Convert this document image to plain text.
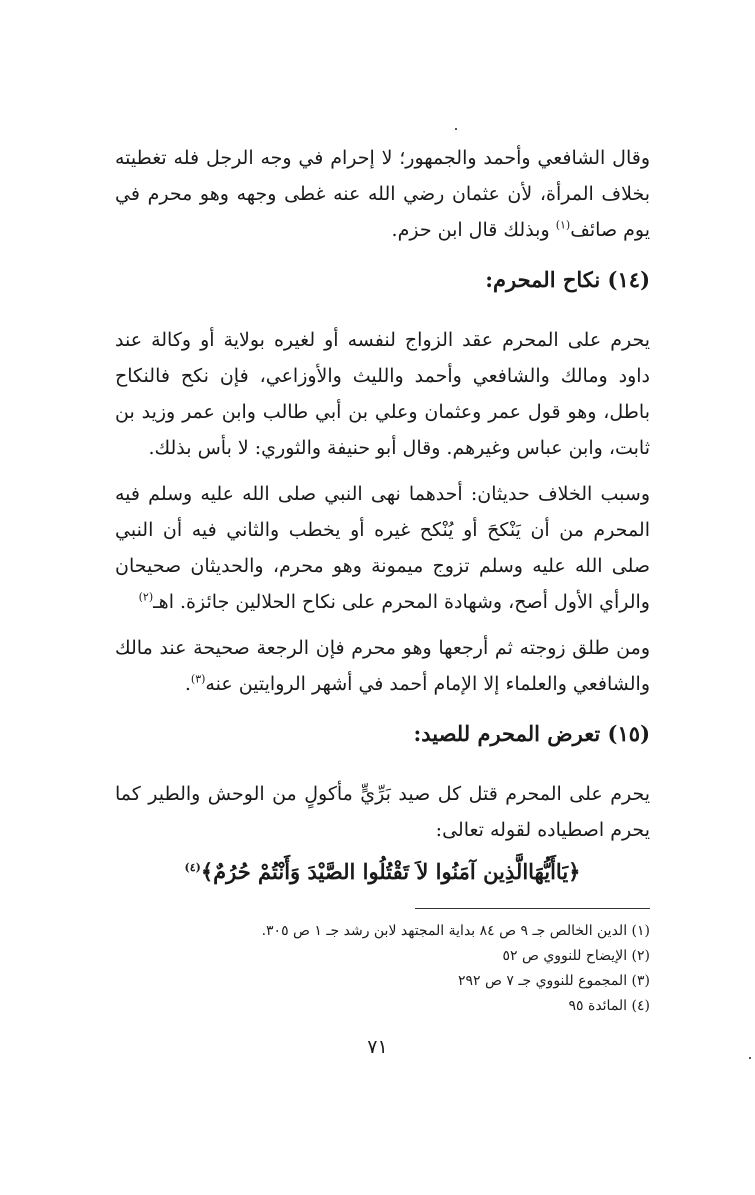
وقال الشافعي وأحمد والجمهور؛ لا إحرام في وجه الرجل فله تغطيته بخلاف المرأة، لأن عثمان رضي الله عنه غطى وجهه وهو محرم في يوم صائف$^{(١)}$ وبذلك قال ابن حزم.

(١٤) نكاح المحرم:

يحرم على المحرم عقد الزواج لنفسه أو لغيره بولاية أو وكالة عند داود ومالك والشافعي وأحمد والليث والأوزاعي، فإن نكح فالنكاح باطل، وهو قول عمر وعثمان وعلي بن أبي طالب وابن عمر وزيد بن ثابت، وابن عباس وغيرهم. وقال أبو حنيفة والثوري: لا بأس بذلك.

وسبب الخلاف حديثان: أحدهما نهى النبي صلى الله عليه وسلم فيه المحرم من أن يَنْكحَ أو يُنْكح غيره أو يخطب والثاني فيه أن النبي صلى الله عليه وسلم تزوج ميمونة وهو محرم، والحديثان صحيحان والرأي الأول أصح، وشهادة المحرم على نكاح الحلالين جائزة. اهـ$^{(٢)}$

ومن طلق زوجته ثم أرجعها وهو محرم فإن الرجعة صحيحة عند مالك والشافعي والعلماء إلا الإمام أحمد في أشهر الروايتين عنه$^{(٣)}$.

(١٥) تعرض المحرم للصيد:

يحرم على المحرم قتل كل صيد بَرِّيٍّ مأكولٍ من الوحش والطير كما يحرم اصطياده لقوله تعالى:

﴿يَاأَيُّهَاالَّذِين آمَنُوا لاَ تَقْتُلُوا الصَّيْدَ وَأَنْتُمْ حُرُمٌ﴾$^{(٤)}$

(١) الدين الخالص جـ ٩ ص ٨٤ بداية المجتهد لابن رشد جـ ١ ص ٣٠٥.

(٢) الإيضاح للنووي ص ٥٢

(٣) المجموع للنووي جـ ٧ ص ٢٩٢

(٤) المائدة ٩٥

٧١
